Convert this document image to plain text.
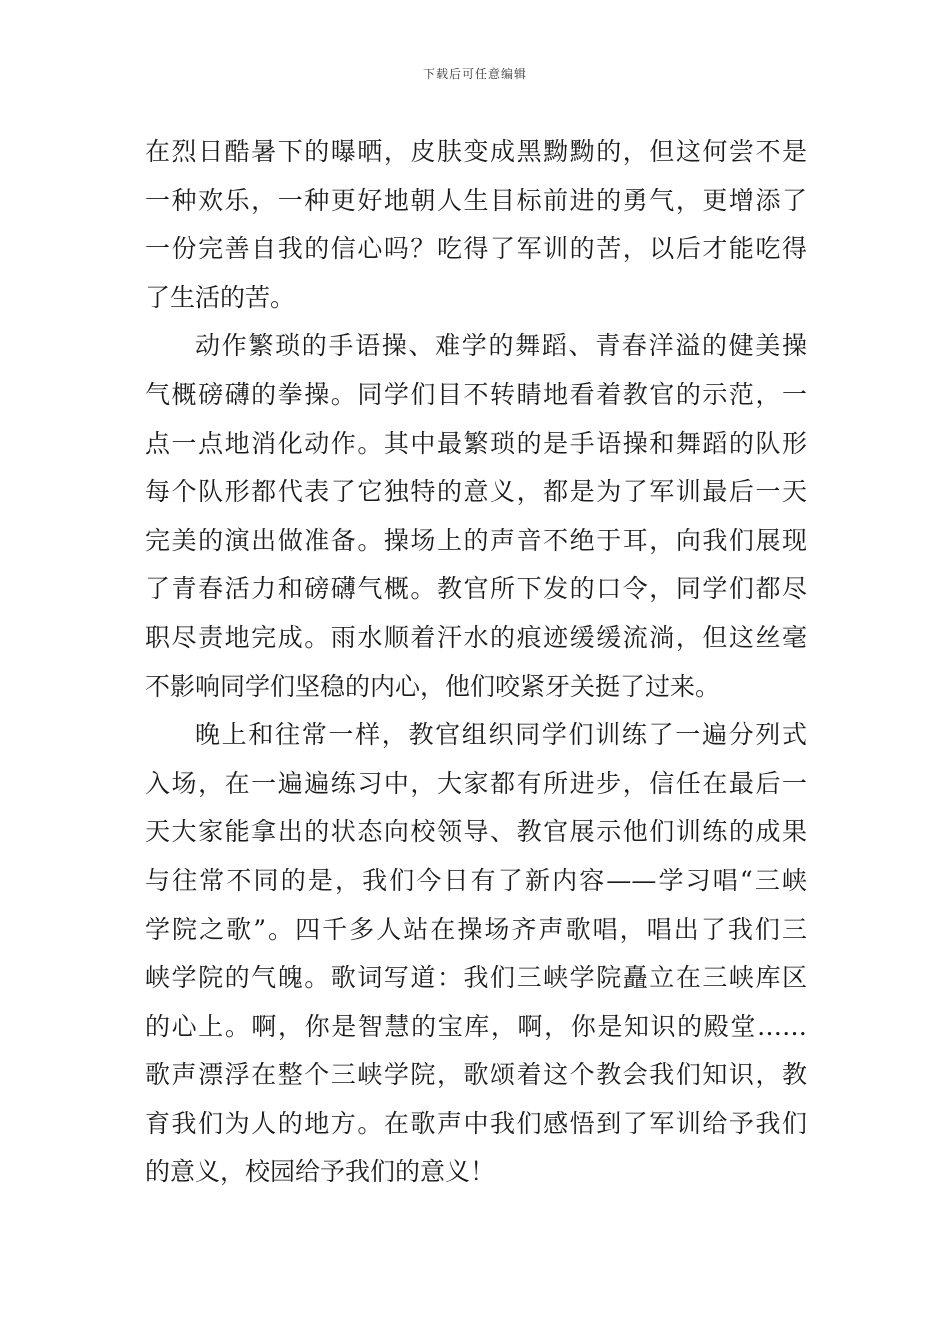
下载后可任意编辑
在烈日酷暑下的曝晒，皮肤变成黑黝黝的，但这何尝不是
一种欢乐，一种更好地朝人生目标前进的勇气，更增添了
一份完善自我的信心吗？吃得了军训的苦，以后才能吃得
了生活的苦。
动作繁琐的手语操、难学的舞蹈、青春洋溢的健美操
气概磅礴的拳操。同学们目不转睛地看着教官的示范，一
点一点地消化动作。其中最繁琐的是手语操和舞蹈的队形
每个队形都代表了它独特的意义，都是为了军训最后一天
完美的演出做准备。操场上的声音不绝于耳，向我们展现
了青春活力和磅礴气概。教官所下发的口令，同学们都尽
职尽责地完成。雨水顺着汗水的痕迹缓缓流淌，但这丝毫
不影响同学们坚稳的内心，他们咬紧牙关挺了过来。
晚上和往常一样，教官组织同学们训练了一遍分列式
入场，在一遍遍练习中，大家都有所进步，信任在最后一
天大家能拿出的状态向校领导、教官展示他们训练的成果
与往常不同的是，我们今日有了新内容——学习唱“三峡
学院之歌”。四千多人站在操场齐声歌唱，唱出了我们三
峡学院的气魄。歌词写道：我们三峡学院矗立在三峡库区
的心上。啊，你是智慧的宝库，啊，你是知识的殿堂……
歌声漂浮在整个三峡学院，歌颂着这个教会我们知识，教
育我们为人的地方。在歌声中我们感悟到了军训给予我们
的意义，校园给予我们的意义！
